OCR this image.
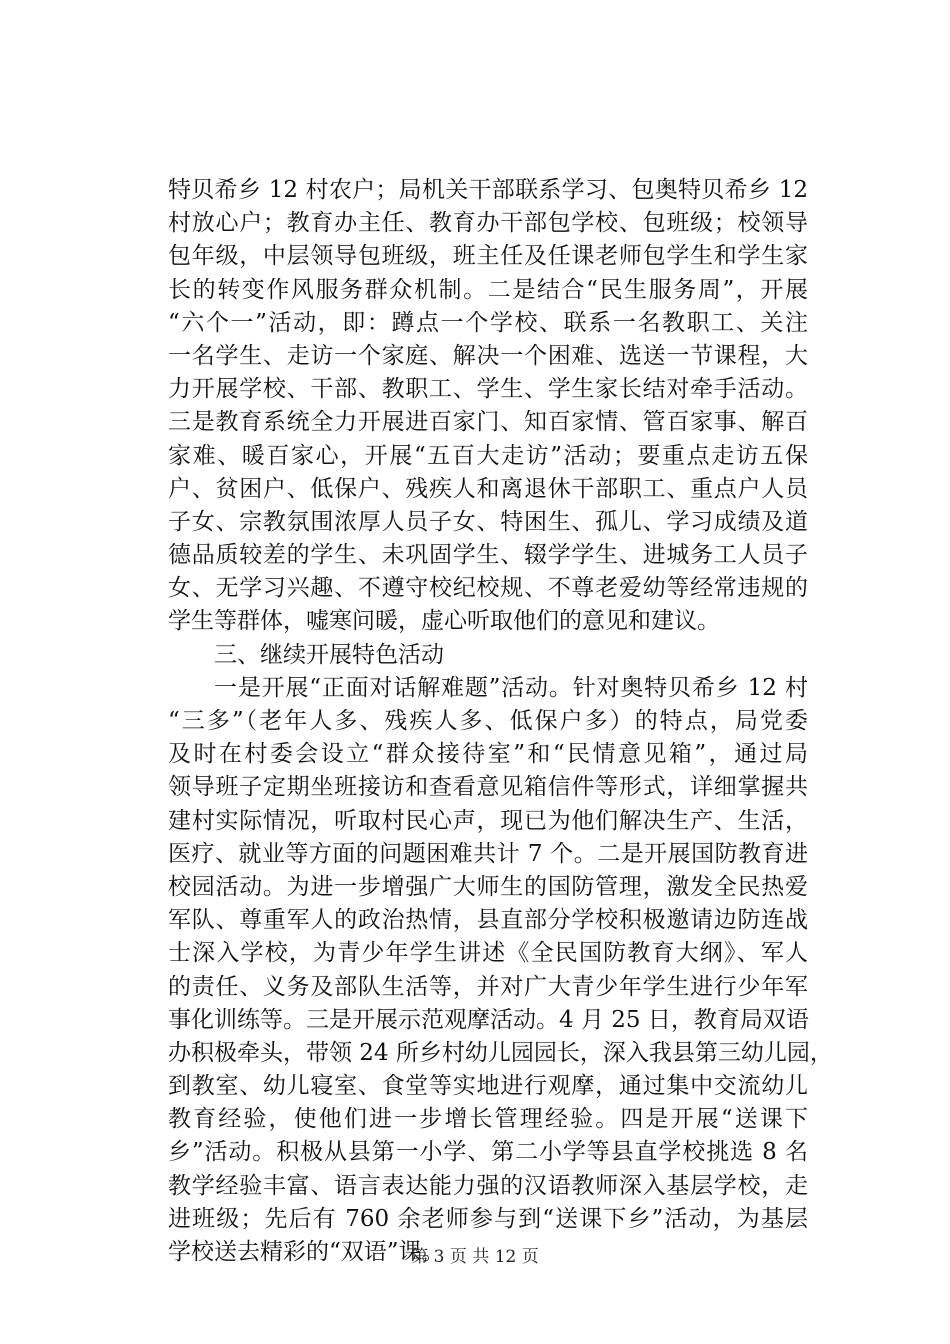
特贝希乡 12 村农户；局机关干部联系学习、包奥特贝希乡 12
村放心户；教育办主任、教育办干部包学校、包班级；校领导
包年级，中层领导包班级，班主任及任课老师包学生和学生家
长的转变作风服务群众机制。二是结合“民生服务周”，开展
“六个一”活动，即：蹲点一个学校、联系一名教职工、关注
一名学生、走访一个家庭、解决一个困难、选送一节课程，大
力开展学校、干部、教职工、学生、学生家长结对牵手活动。
三是教育系统全力开展进百家门、知百家情、管百家事、解百
家难、暖百家心，开展“五百大走访”活动；要重点走访五保
户、贫困户、低保户、残疾人和离退休干部职工、重点户人员
子女、宗教氛围浓厚人员子女、特困生、孤儿、学习成绩及道
德品质较差的学生、未巩固学生、辍学学生、进城务工人员子
女、无学习兴趣、不遵守校纪校规、不尊老爱幼等经常违规的
学生等群体，嘘寒问暖，虚心听取他们的意见和建议。
三、继续开展特色活动
一是开展“正面对话解难题”活动。针对奥特贝希乡 12 村
“三多”（老年人多、残疾人多、低保户多）的特点，局党委
及时在村委会设立“群众接待室”和“民情意见箱”，通过局
领导班子定期坐班接访和查看意见箱信件等形式，详细掌握共
建村实际情况，听取村民心声，现已为他们解决生产、生活，
医疗、就业等方面的问题困难共计 7 个。二是开展国防教育进
校园活动。为进一步增强广大师生的国防管理，激发全民热爱
军队、尊重军人的政治热情，县直部分学校积极邀请边防连战
士深入学校，为青少年学生讲述《全民国防教育大纲》、军人
的责任、义务及部队生活等，并对广大青少年学生进行少年军
事化训练等。三是开展示范观摩活动。4 月 25 日，教育局双语
办积极牵头，带领 24 所乡村幼儿园园长，深入我县第三幼儿园，
到教室、幼儿寝室、食堂等实地进行观摩，通过集中交流幼儿
教育经验，使他们进一步增长管理经验。四是开展“送课下
乡”活动。积极从县第一小学、第二小学等县直学校挑选 8 名
教学经验丰富、语言表达能力强的汉语教师深入基层学校，走
进班级；先后有 760 余老师参与到“送课下乡”活动，为基层
学校送去精彩的“双语”课。
第 3 页 共 12 页
